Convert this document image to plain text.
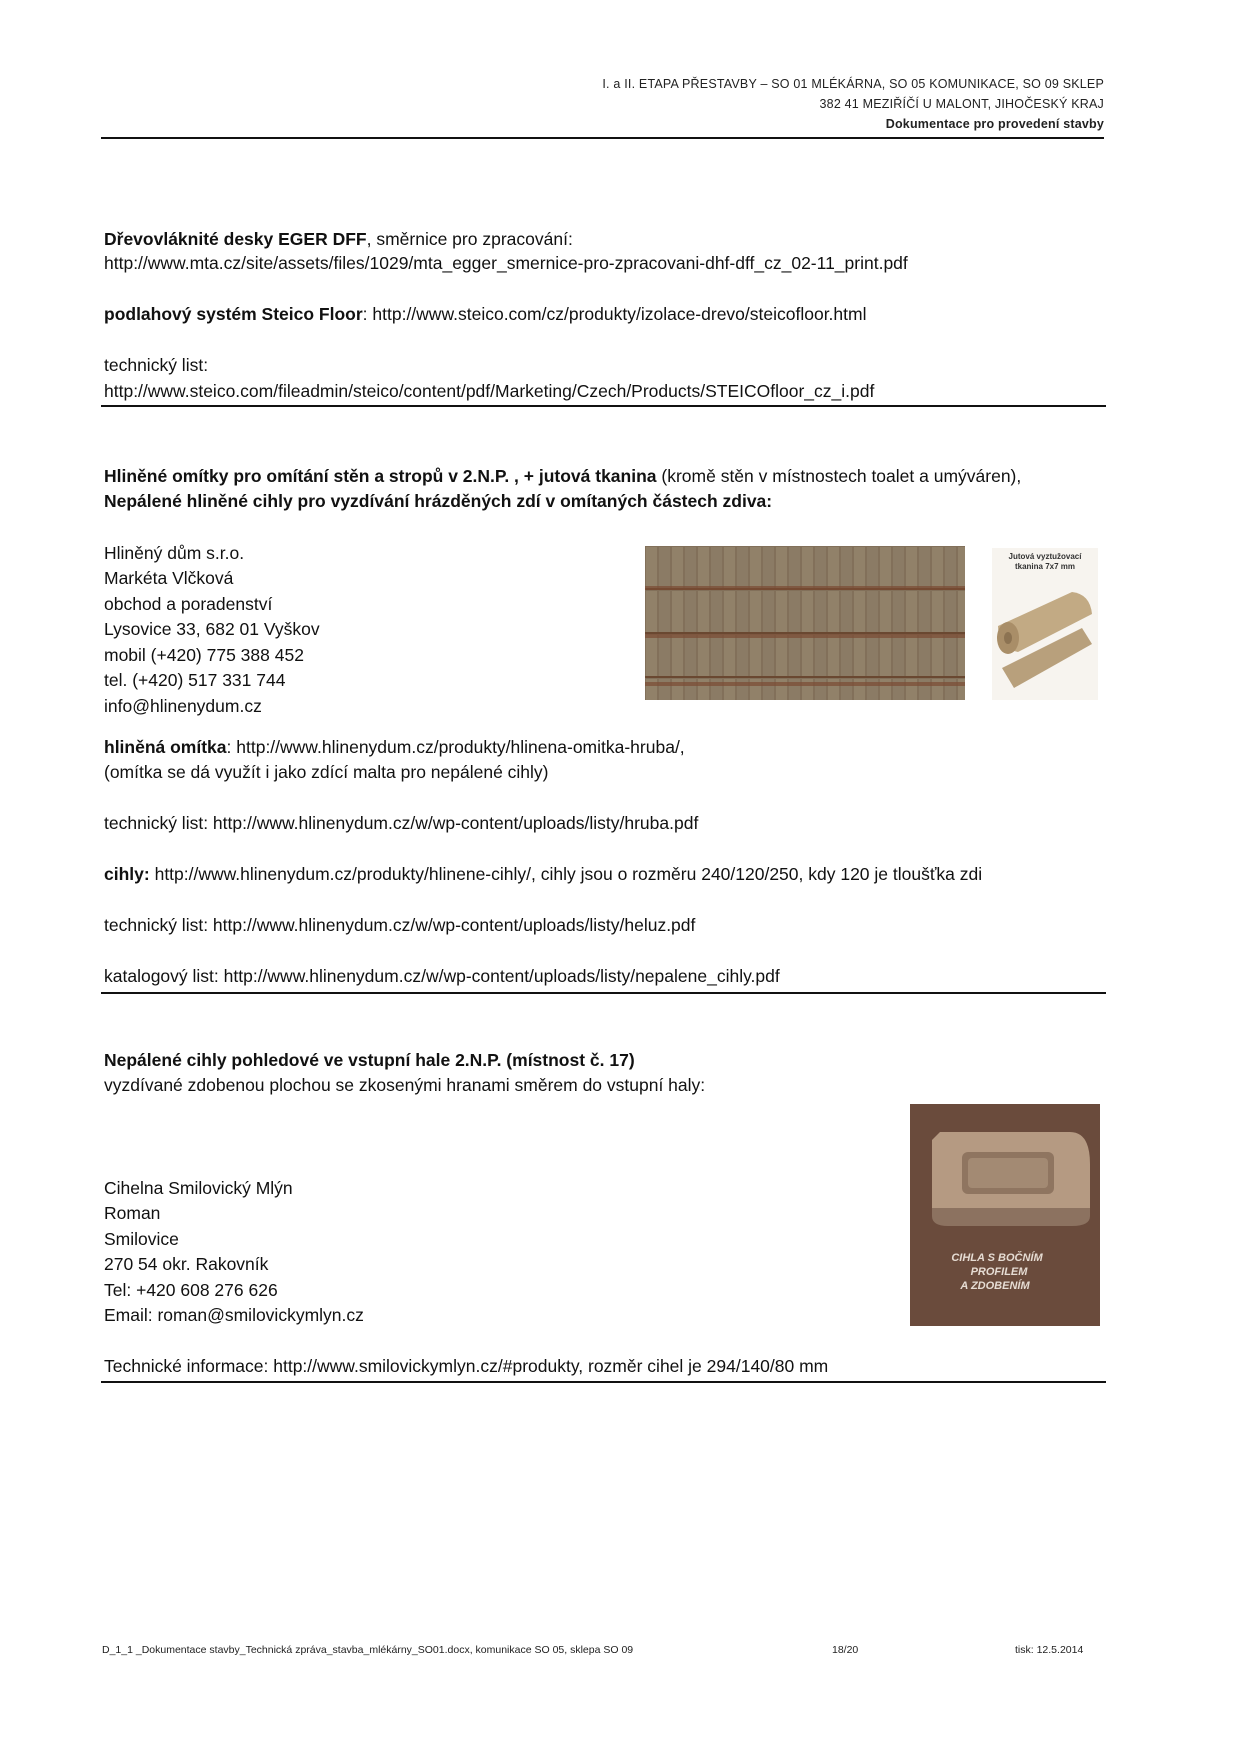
I. a II. ETAPA PŘESTAVBY – SO 01 MLÉKÁRNA, SO 05 KOMUNIKACE, SO 09 SKLEP
382 41 MEZIŘÍČÍ U MALONT, JIHOČESKÝ KRAJ
Dokumentace pro provedení stavby
Dřevovláknité desky EGER DFF, směrnice pro zpracování:
http://www.mta.cz/site/assets/files/1029/mta_egger_smernice-pro-zpracovani-dhf-dff_cz_02-11_print.pdf
podlahový systém Steico Floor: http://www.steico.com/cz/produkty/izolace-drevo/steicofloor.html
technický list:
http://www.steico.com/fileadmin/steico/content/pdf/Marketing/Czech/Products/STEICOfloor_cz_i.pdf
Hliněné omítky pro omítání stěn a stropů v 2.N.P. , + jutová tkanina (kromě stěn v místnostech toalet a umýváren),
Nepálené hliněné cihly pro vyzdívání hrázděných zdí v omítaných částech zdiva:
Hliněný dům s.r.o.
Markéta Vlčková
obchod a poradenství
Lysovice 33, 682 01 Vyškov
mobil (+420) 775 388 452
tel. (+420) 517 331 744
info@hlinenydum.cz
Jutová vyztužovací
tkanina 7x7 mm
hliněná omítka: http://www.hlinenydum.cz/produkty/hlinena-omitka-hruba/,
(omítka se dá využít i jako zdící malta pro nepálené cihly)
technický list: http://www.hlinenydum.cz/w/wp-content/uploads/listy/hruba.pdf
cihly: http://www.hlinenydum.cz/produkty/hlinene-cihly/, cihly jsou o rozměru 240/120/250, kdy 120 je tloušťka zdi
technický list: http://www.hlinenydum.cz/w/wp-content/uploads/listy/heluz.pdf
katalogový list: http://www.hlinenydum.cz/w/wp-content/uploads/listy/nepalene_cihly.pdf
Nepálené cihly pohledové ve vstupní hale 2.N.P. (místnost č. 17)
vyzdívané zdobenou plochou se zkosenými hranami směrem do vstupní haly:
Cihelna Smilovický Mlýn
Roman
Smilovice
270 54 okr. Rakovník
Tel: +420 608 276 626
Email: roman@smilovickymlyn.cz
CIHLA S BOČNÍM
PROFILEM
A ZDOBENÍM
Technické informace: http://www.smilovickymlyn.cz/#produkty, rozměr cihel je 294/140/80 mm
D_1_1 _Dokumentace stavby_Technická zpráva_stavba_mlékárny_SO01.docx, komunikace SO 05, sklepa SO 09	18/20	tisk: 12.5.2014
